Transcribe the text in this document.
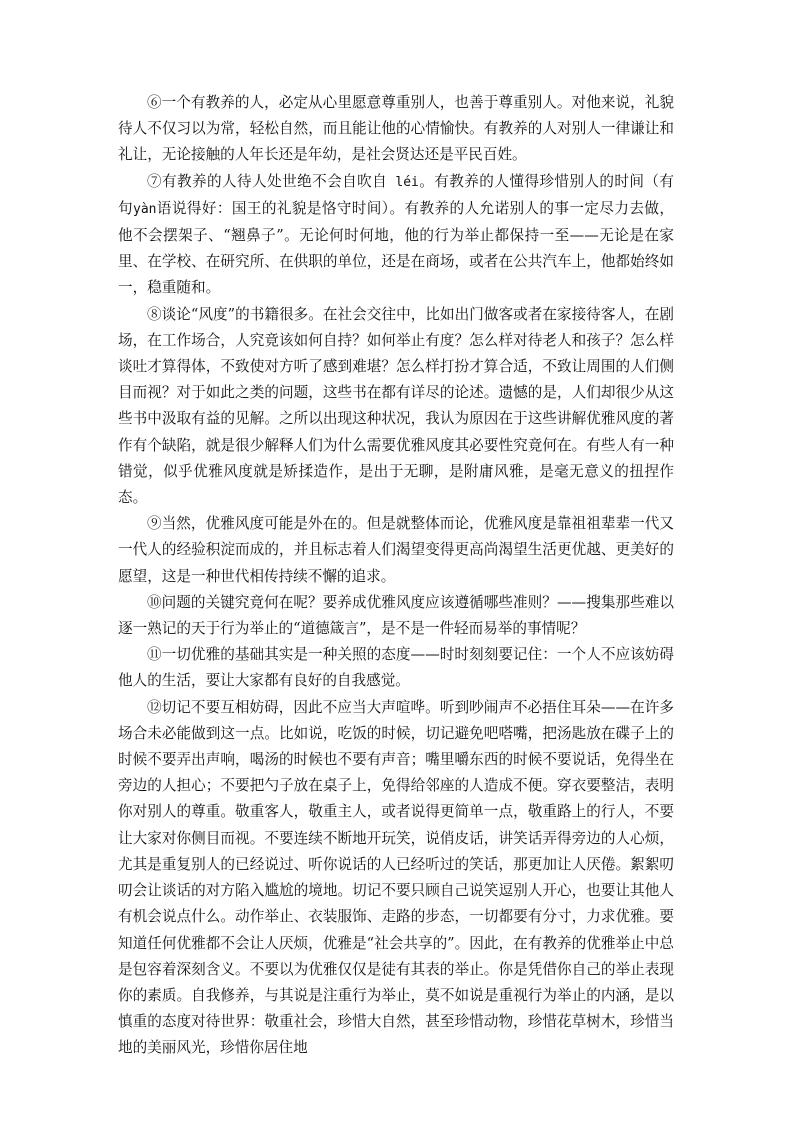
⑥一个有教养的人，必定从心里愿意尊重别人，也善于尊重别人。对他来说，礼貌待人不仅习以为常，轻松自然，而且能让他的心情愉快。有教养的人对别人一律谦让和礼让，无论接触的人年长还是年幼，是社会贤达还是平民百姓。

⑦有教养的人待人处世绝不会自吹自 léi。有教养的人懂得珍惜别人的时间（有句yàn语说得好：国王的礼貌是恪守时间）。有教养的人允诺别人的事一定尽力去做，他不会摆架子、“翘鼻子”。无论何时何地，他的行为举止都保持一至——无论是在家里、在学校、在研究所、在供职的单位，还是在商场，或者在公共汽车上，他都始终如一，稳重随和。

⑧谈论“风度”的书籍很多。在社会交往中，比如出门做客或者在家接待客人，在剧场，在工作场合，人究竟该如何自持？如何举止有度？怎么样对待老人和孩子？怎么样谈吐才算得体，不致使对方听了感到难堪？怎么样打扮才算合适，不致让周围的人们侧目而视？对于如此之类的问题，这些书在都有详尽的论述。遗憾的是，人们却很少从这些书中汲取有益的见解。之所以出现这种状况，我认为原因在于这些讲解优雅风度的著作有个缺陷，就是很少解释人们为什么需要优雅风度其必要性究竟何在。有些人有一种错觉，似乎优雅风度就是矫揉造作，是出于无聊，是附庸风雅，是毫无意义的扭捏作态。

⑨当然，优雅风度可能是外在的。但是就整体而论，优雅风度是靠祖祖辈辈一代又一代人的经验积淀而成的，并且标志着人们渴望变得更高尚渴望生活更优越、更美好的愿望，这是一种世代相传持续不懈的追求。

⑩问题的关键究竟何在呢？要养成优雅风度应该遵循哪些准则？——搜集那些难以逐一熟记的天于行为举止的“道德箴言”，是不是一件轻而易举的事情呢？

⑪一切优雅的基础其实是一种关照的态度——时时刻刻要记住：一个人不应该妨碍他人的生活，要让大家都有良好的自我感觉。

⑫切记不要互相妨碍，因此不应当大声喧哗。听到吵闹声不必捂住耳朵——在许多场合未必能做到这一点。比如说，吃饭的时候，切记避免吧嗒嘴，把汤匙放在碟子上的时候不要弄出声响，喝汤的时候也不要有声音；嘴里嚼东西的时候不要说话，免得坐在旁边的人担心；不要把勺子放在桌子上，免得给邻座的人造成不便。穿衣要整洁，表明你对别人的尊重。敬重客人，敬重主人，或者说得更简单一点，敬重路上的行人，不要让大家对你侧目而视。不要连续不断地开玩笑，说俏皮话，讲笑话弄得旁边的人心烦，尤其是重复别人的已经说过、听你说话的人已经听过的笑话，那更加让人厌倦。絮絮叨叨会让谈话的对方陷入尴尬的境地。切记不要只顾自己说笑逗别人开心，也要让其他人有机会说点什么。动作举止、衣装服饰、走路的步态，一切都要有分寸，力求优雅。要知道任何优雅都不会让人厌烦，优雅是“社会共享的”。因此，在有教养的优雅举止中总是包容着深刻含义。不要以为优雅仅仅是徒有其表的举止。你是凭借你自己的举止表现你的素质。自我修养，与其说是注重行为举止，莫不如说是重视行为举止的内涵，是以慎重的态度对待世界：敬重社会，珍惜大自然，甚至珍惜动物，珍惜花草树木，珍惜当地的美丽风光，珍惜你居住地
